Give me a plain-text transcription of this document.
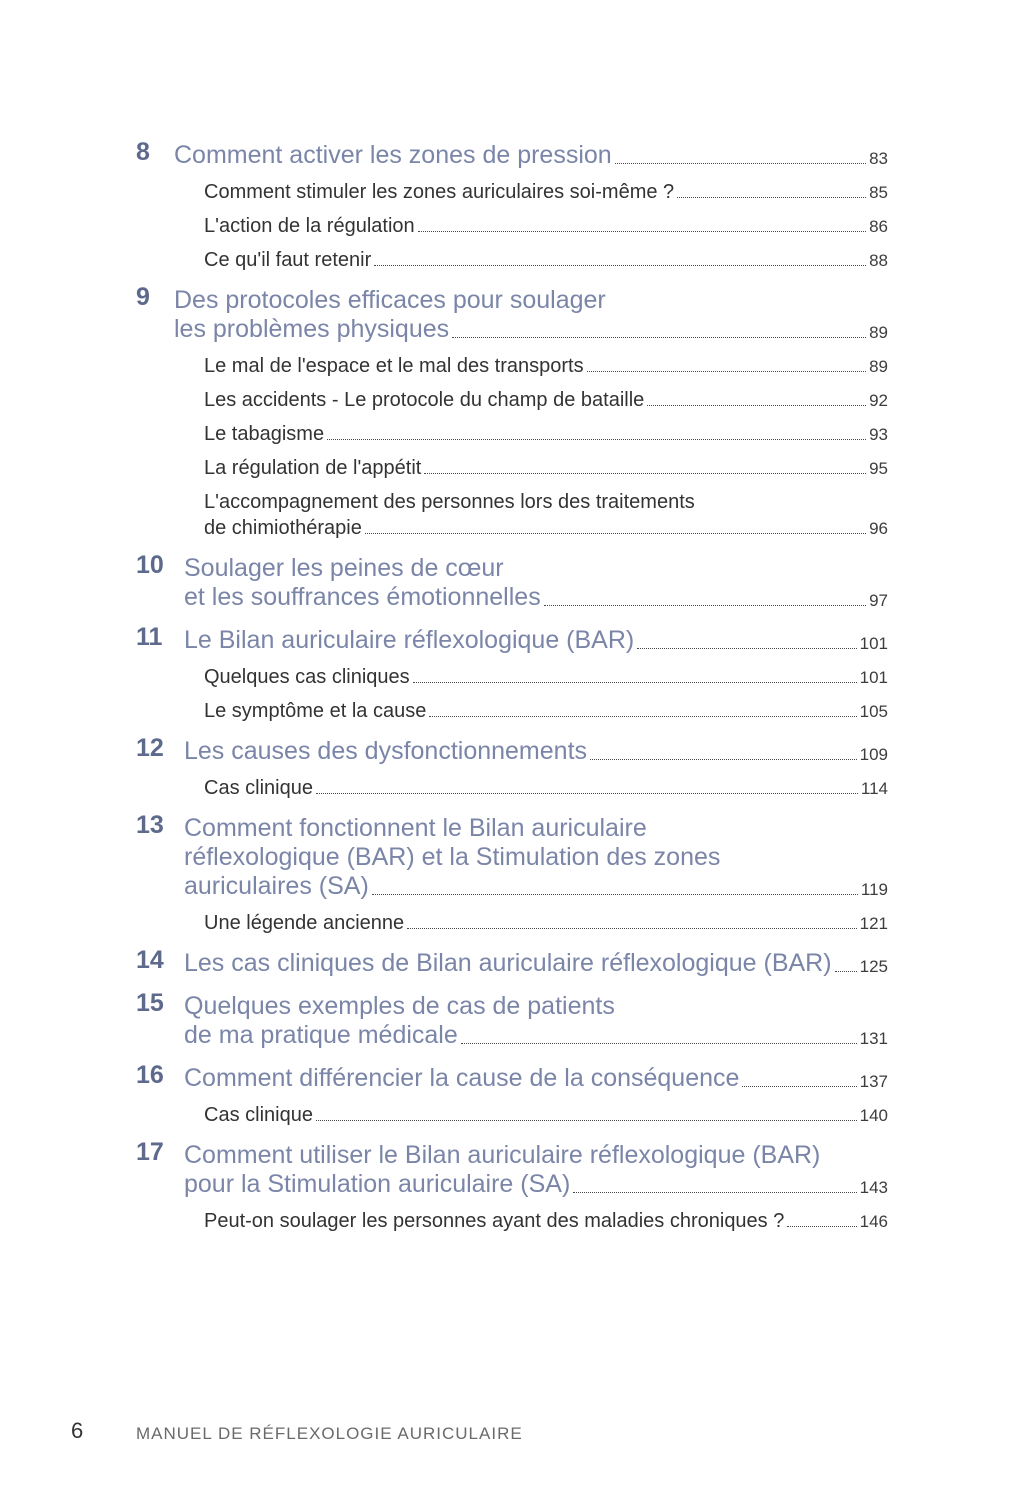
8 Comment activer les zones de pression	83
Comment stimuler les zones auriculaires soi-même ?	85
L'action de la régulation	86
Ce qu'il faut retenir	88
9 Des protocoles efficaces pour soulager
les problèmes physiques	89
Le mal de l'espace et le mal des transports	89
Les accidents - Le protocole du champ de bataille	92
Le tabagisme	93
La régulation de l'appétit	95
L'accompagnement des personnes lors des traitements
de chimiothérapie	96
10 Soulager les peines de cœur
et les souffrances émotionnelles	97
11 Le Bilan auriculaire réflexologique (BAR)	101
Quelques cas cliniques	101
Le symptôme et la cause	105
12 Les causes des dysfonctionnements	109
Cas clinique	114
13 Comment fonctionnent le Bilan auriculaire
réflexologique (BAR) et la Stimulation des zones
auriculaires (SA)	119
Une légende ancienne	121
14 Les cas cliniques de Bilan auriculaire réflexologique (BAR) 125
15 Quelques exemples de cas de patients
de ma pratique médicale	131
16 Comment différencier la cause de la conséquence	137
Cas clinique	140
17 Comment utiliser le Bilan auriculaire réflexologique (BAR)
pour la Stimulation auriculaire (SA)	143
Peut-on soulager les personnes ayant des maladies chroniques ?	146
6	MANUEL DE RÉFLEXOLOGIE AURICULAIRE
